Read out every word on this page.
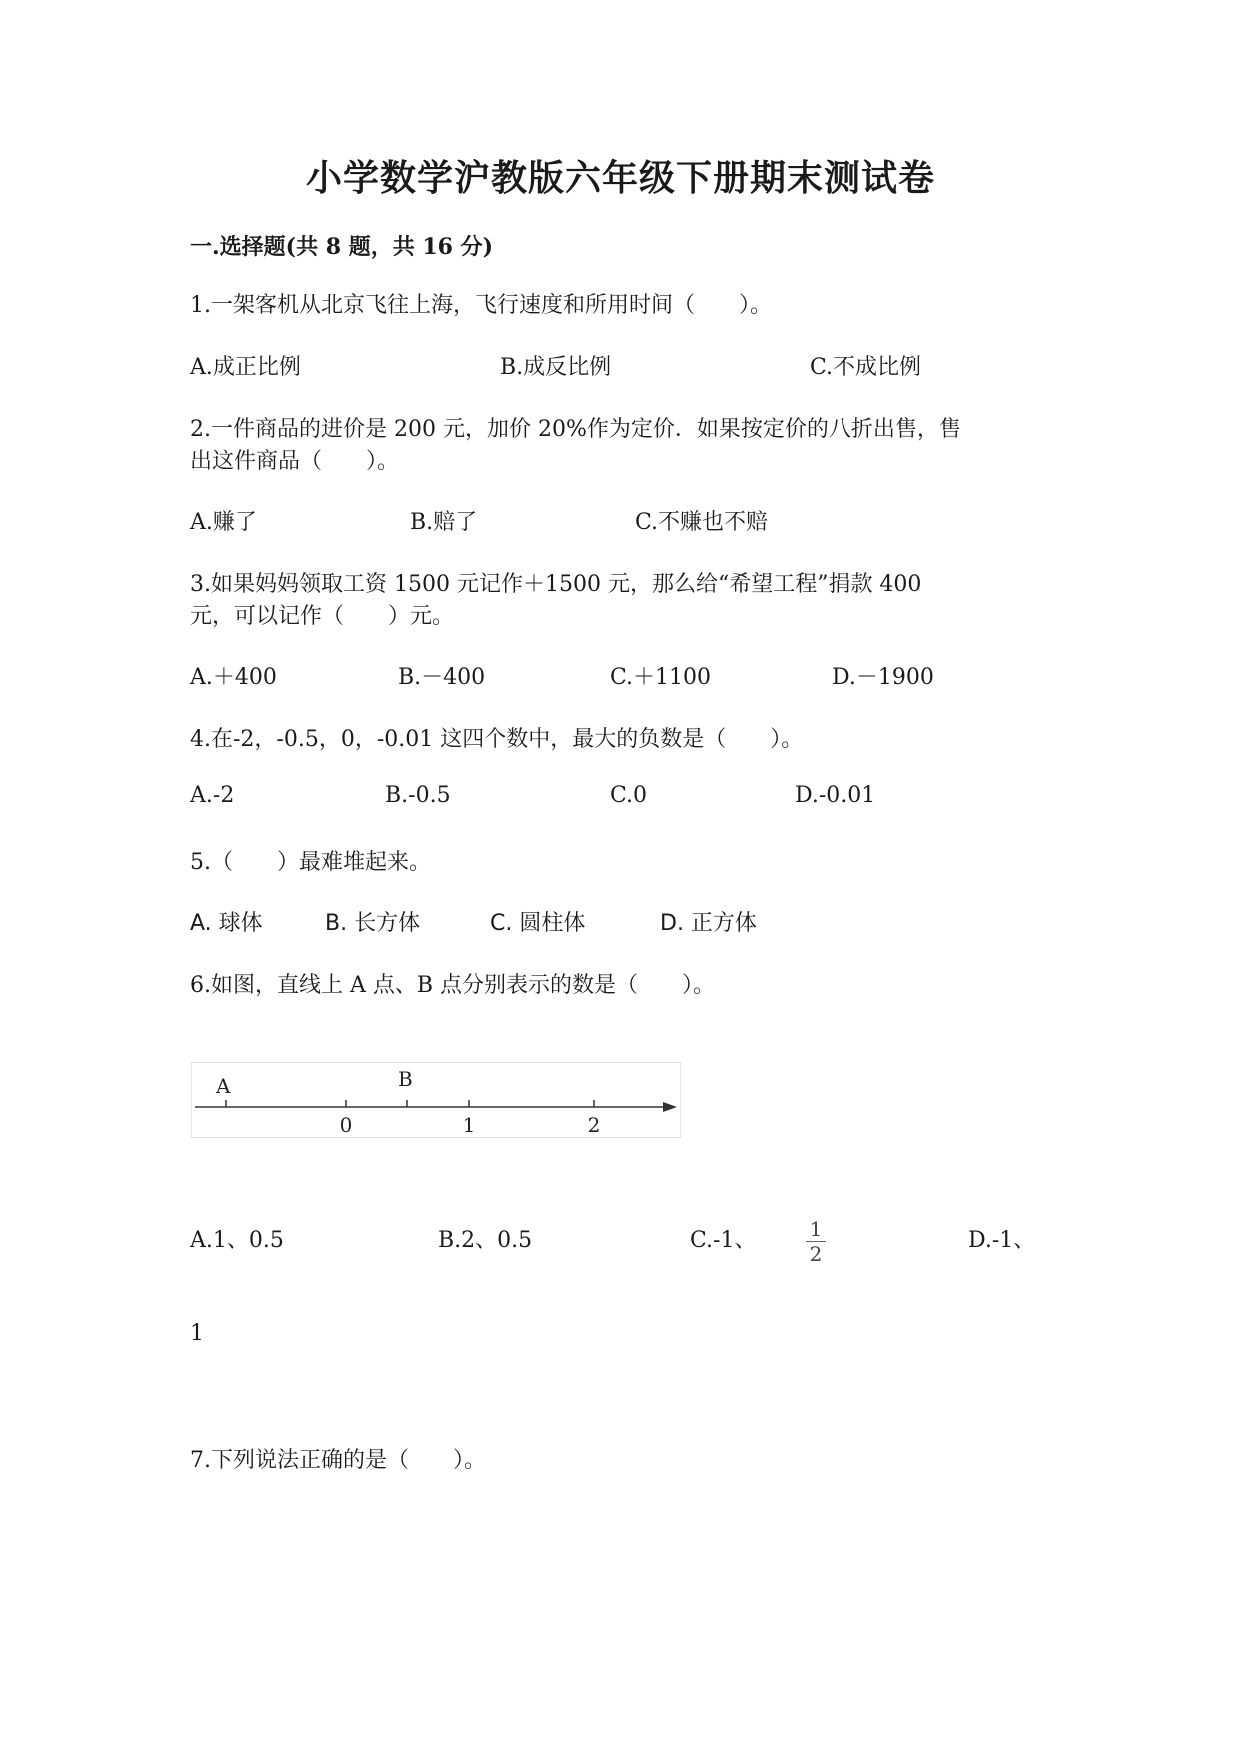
小学数学沪教版六年级下册期末测试卷
一.选择题(共 8 题，共 16 分)
1.一架客机从北京飞往上海，飞行速度和所用时间（　　）。
A.成正比例	B.成反比例	C.不成比例
2.一件商品的进价是 200 元，加价 20%作为定价．如果按定价的八折出售，售
出这件商品（　　）。
A.赚了	B.赔了	C.不赚也不赔
3.如果妈妈领取工资 1500 元记作＋1500 元，那么给“希望工程”捐款 400
元，可以记作（　　）元。
A.＋400	B.－400	C.＋1100	D.－1900
4.在-2，-0.5，0，-0.01 这四个数中，最大的负数是（　　）。
A.-2	B.-0.5	C.0	D.-0.01
5.（　　）最难堆起来。
A. 球体	B. 长方体	C. 圆柱体	D. 正方体
6.如图，直线上 A 点、B 点分别表示的数是（　　）。
A	B
0	1	2
A.1、0.5	B.2、0.5	C.-1、	1
2
D.-1、
1
7.下列说法正确的是（　　）。
